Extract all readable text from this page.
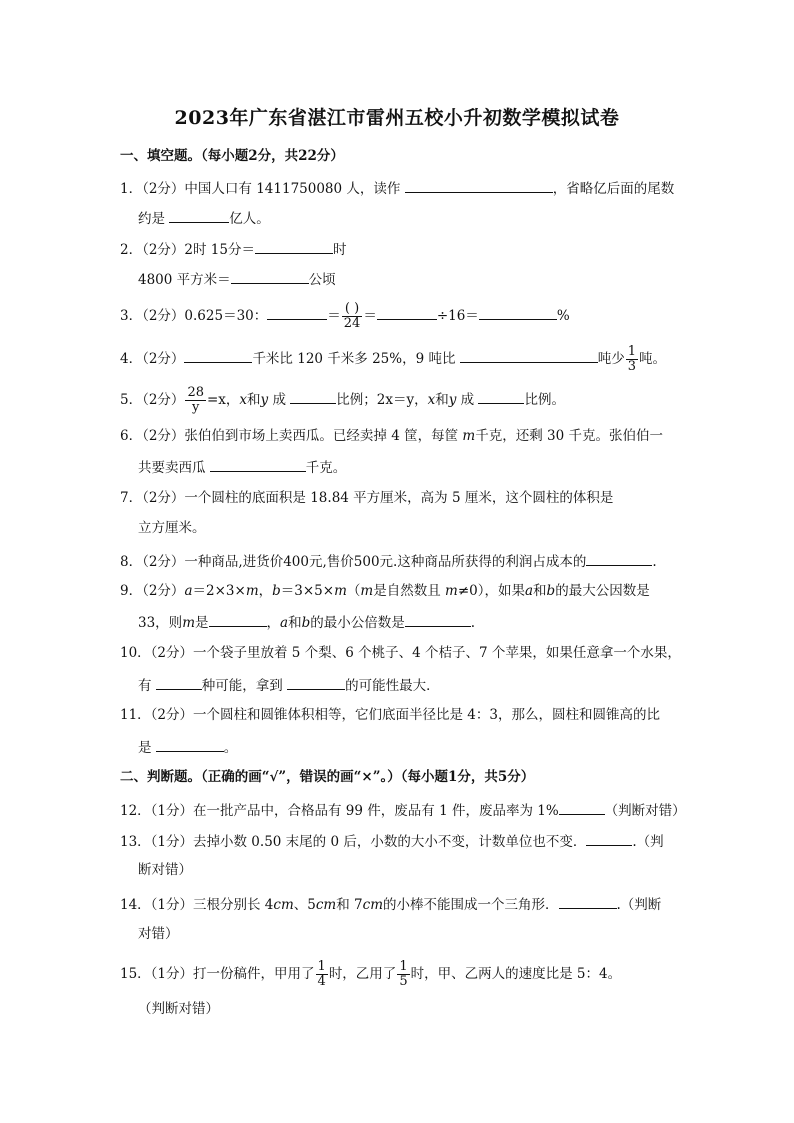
2023年广东省湛江市雷州五校小升初数学模拟试卷
一、填空题。（每小题2分，共22分）
1．（2分）中国人口有 1411750080 人，读作	，省略亿后面的尾数
约是	亿人。
2．（2分）2时 15分＝	时
4800 平方米＝	公顷
3．（2分）0.625＝30：	＝ $\frac{( )}{24}$ ＝	÷16＝	%
4．（2分）	千米比 120 千米多 25%，9 吨比	吨少 $\frac{1}{3}$ 吨。
5．（2分） $\frac{28}{y} =x$，x和y 成	比例；2x＝y，x和y 成	比例。
6．（2分）张伯伯到市场上卖西瓜。已经卖掉 4 筐，每筐 m千克，还剩 30 千克。张伯伯一
共要卖西瓜	千克。
7．（2分）一个圆柱的底面积是 18.84 平方厘米，高为 5 厘米，这个圆柱的体积是
立方厘米。
8．（2分）一种商品,进货价400元,售价500元.这种商品所获得的利润占成本的	.
9．（2分）a＝2×3×m，b＝3×5×m（m是自然数且 m≠0），如果a和b的最大公因数是
33，则m是	，a和b的最小公倍数是	.
10．（2分）一个袋子里放着 5 个梨、6 个桃子、4 个桔子、7 个苹果，如果任意拿一个水果，
有	种可能，拿到	的可能性最大．
11．（2分）一个圆柱和圆锥体积相等，它们底面半径比是 4：3，那么，圆柱和圆锥高的比
是	。
二、判断题。（正确的画“√”，错误的画“×”。）（每小题1分，共5分）
12．（1分）在一批产品中，合格品有 99 件，废品有 1 件，废品率为 1%	（判断对错）
13．（1分）去掉小数 0.50 末尾的 0 后，小数的大小不变，计数单位也不变．	.（判
断对错）
14．（1分）三根分别长 4cm、5cm和 7cm的小棒不能围成一个三角形．	.（判断
对错）
15．（1分）打一份稿件，甲用了 $\frac{1}{4}$ 时，乙用了 $\frac{1}{5}$ 时，甲、乙两人的速度比是 5：4。
（判断对错）
